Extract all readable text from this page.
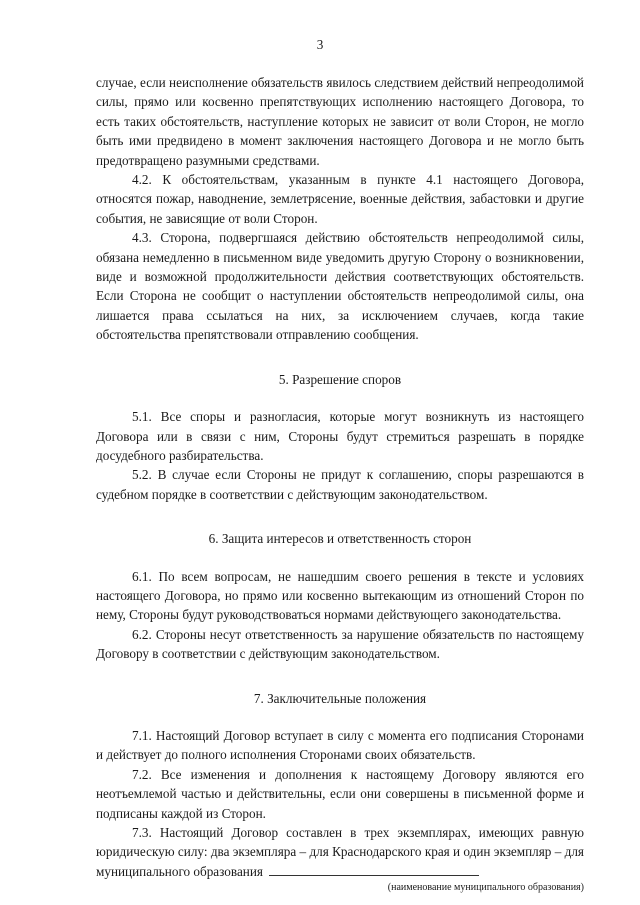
3

случае, если неисполнение обязательств явилось следствием действий непреодолимой силы, прямо или косвенно препятствующих исполнению настоящего Договора, то есть таких обстоятельств, наступление которых не зависит от воли Сторон, не могло быть ими предвидено в момент заключения настоящего Договора и не могло быть предотвращено разумными средствами.

4.2. К обстоятельствам, указанным в пункте 4.1 настоящего Договора, относятся пожар, наводнение, землетрясение, военные действия, забастовки и другие события, не зависящие от воли Сторон.

4.3. Сторона, подвергшаяся действию обстоятельств непреодолимой силы, обязана немедленно в письменном виде уведомить другую Сторону о возникновении, виде и возможной продолжительности действия соответствующих обстоятельств. Если Сторона не сообщит о наступлении обстоятельств непреодолимой силы, она лишается права ссылаться на них, за исключением случаев, когда такие обстоятельства препятствовали отправлению сообщения.

5. Разрешение споров

5.1. Все споры и разногласия, которые могут возникнуть из настоящего Договора или в связи с ним, Стороны будут стремиться разрешать в порядке досудебного разбирательства.

5.2. В случае если Стороны не придут к соглашению, споры разрешаются в судебном порядке в соответствии с действующим законодательством.

6. Защита интересов и ответственность сторон

6.1. По всем вопросам, не нашедшим своего решения в тексте и условиях настоящего Договора, но прямо или косвенно вытекающим из отношений Сторон по нему, Стороны будут руководствоваться нормами действующего законодательства.

6.2. Стороны несут ответственность за нарушение обязательств по настоящему Договору в соответствии с действующим законодательством.

7. Заключительные положения

7.1. Настоящий Договор вступает в силу с момента его подписания Сторонами и действует до полного исполнения Сторонами своих обязательств.

7.2. Все изменения и дополнения к настоящему Договору являются его неотъемлемой частью и действительны, если они совершены в письменной форме и подписаны каждой из Сторон.

7.3. Настоящий Договор составлен в трех экземплярах, имеющих равную юридическую силу: два экземпляра – для Краснодарского края и один экземпляр – для муниципального образования

(наименование муниципального образования)
